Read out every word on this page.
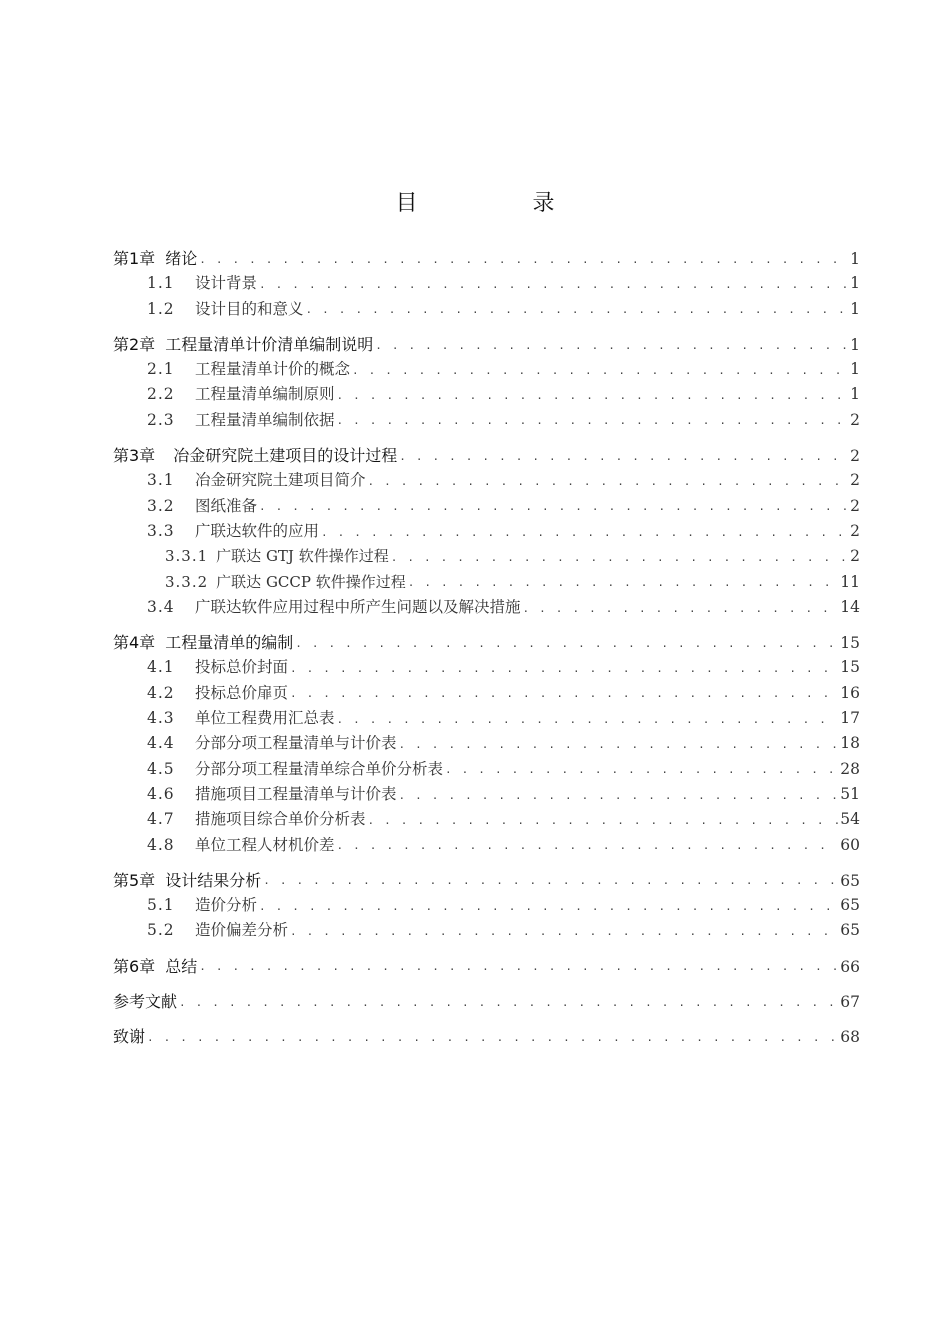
目 录
第1章 绪论 . . .	1
1.1	设计背景 . . .	1
1.2	设计目的和意义 . . .	1
第2章 工程量清单计价清单编制说明 . . .	1
2.1	工程量清单计价的概念 . . .	1
2.2	工程量清单编制原则 . . .	1
2.3	工程量清单编制依据 . . .	2
第3章 冶金研究院土建项目的设计过程 . . .	2
3.1	冶金研究院土建项目简介 . . .	2
3.2	图纸准备 . . .	2
3.3	广联达软件的应用 . . .	2
3.3.1 广联达 GTJ 软件操作过程 . . .	2
3.3.2 广联达 GCCP 软件操作过程 . . .	11
3.4	广联达软件应用过程中所产生问题以及解决措施 . . .	14
第4章 工程量清单的编制 . . .	15
4.1	投标总价封面 . . .	15
4.2	投标总价扉页 . . .	16
4.3	单位工程费用汇总表 . . .	17
4.4	分部分项工程量清单与计价表 . . .	18
4.5	分部分项工程量清单综合单价分析表 . . .	28
4.6	措施项目工程量清单与计价表 . . .	51
4.7	措施项目综合单价分析表 . . .	54
4.8	单位工程人材机价差 . . .	60
第5章 设计结果分析 . . .	65
5.1	造价分析 . . .	65
5.2	造价偏差分析 . . .	65
第6章 总结 . . .	66
参考文献 . . .	67
致谢 . . .	68
